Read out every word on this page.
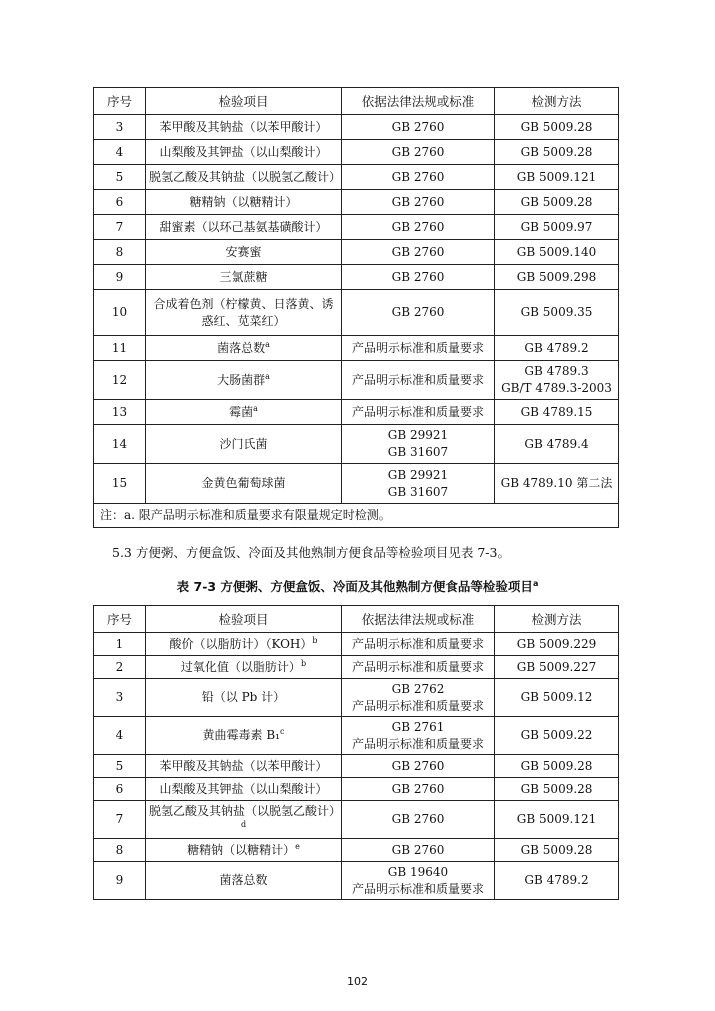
序号	检验项目	依据法律法规或标准	检测方法
3	苯甲酸及其钠盐（以苯甲酸计）	GB 2760	GB 5009.28

4	山梨酸及其钾盐（以山梨酸计）	GB 2760	GB 5009.28

5	脱氢乙酸及其钠盐（以脱氢乙酸计）	GB 2760	GB 5009.121

6	糖精钠（以糖精计）	GB 2760	GB 5009.28

7	甜蜜素（以环己基氨基磺酸计）	GB 2760	GB 5009.97

8	安赛蜜	GB 2760	GB 5009.140

9	三氯蔗糖	GB 2760	GB 5009.298

10	合成着色剂（柠檬黄、日落黄、诱惑红、苋菜红）	GB 2760	GB 5009.35

11	菌落总数$^a$	产品明示标准和质量要求	GB 4789.2

12	大肠菌群$^a$	产品明示标准和质量要求	GB 4789.3
GB/T 4789.3-2003

13	霉菌$^a$	产品明示标准和质量要求	GB 4789.15

14	沙门氏菌	GB 29921
GB 31607	GB 4789.4

15	金黄色葡萄球菌	GB 29921
GB 31607	GB 4789.10 第二法

注：a. 限产品明示标准和质量要求有限量规定时检测。			
5.3 方便粥、方便盒饭、冷面及其他熟制方便食品等检验项目见表 7-3。
表 7-3 方便粥、方便盒饭、冷面及其他熟制方便食品等检验项目$^a$
序号	检验项目	依据法律法规或标准	检测方法
1	酸价（以脂肪计）（KOH）$^b$	产品明示标准和质量要求	GB 5009.229

2	过氧化值（以脂肪计）$^b$	产品明示标准和质量要求	GB 5009.227

3	铅（以 Pb 计）	GB 2762
产品明示标准和质量要求	GB 5009.12

4	黄曲霉毒素 B₁$^c$	GB 2761
产品明示标准和质量要求	GB 5009.22

5	苯甲酸及其钠盐（以苯甲酸计）	GB 2760	GB 5009.28

6	山梨酸及其钾盐（以山梨酸计）	GB 2760	GB 5009.28

7	脱氢乙酸及其钠盐（以脱氢乙酸计）$^d$	GB 2760	GB 5009.121

8	糖精钠（以糖精计）$^e$	GB 2760	GB 5009.28

9	菌落总数	GB 19640
产品明示标准和质量要求	GB 4789.2
102
